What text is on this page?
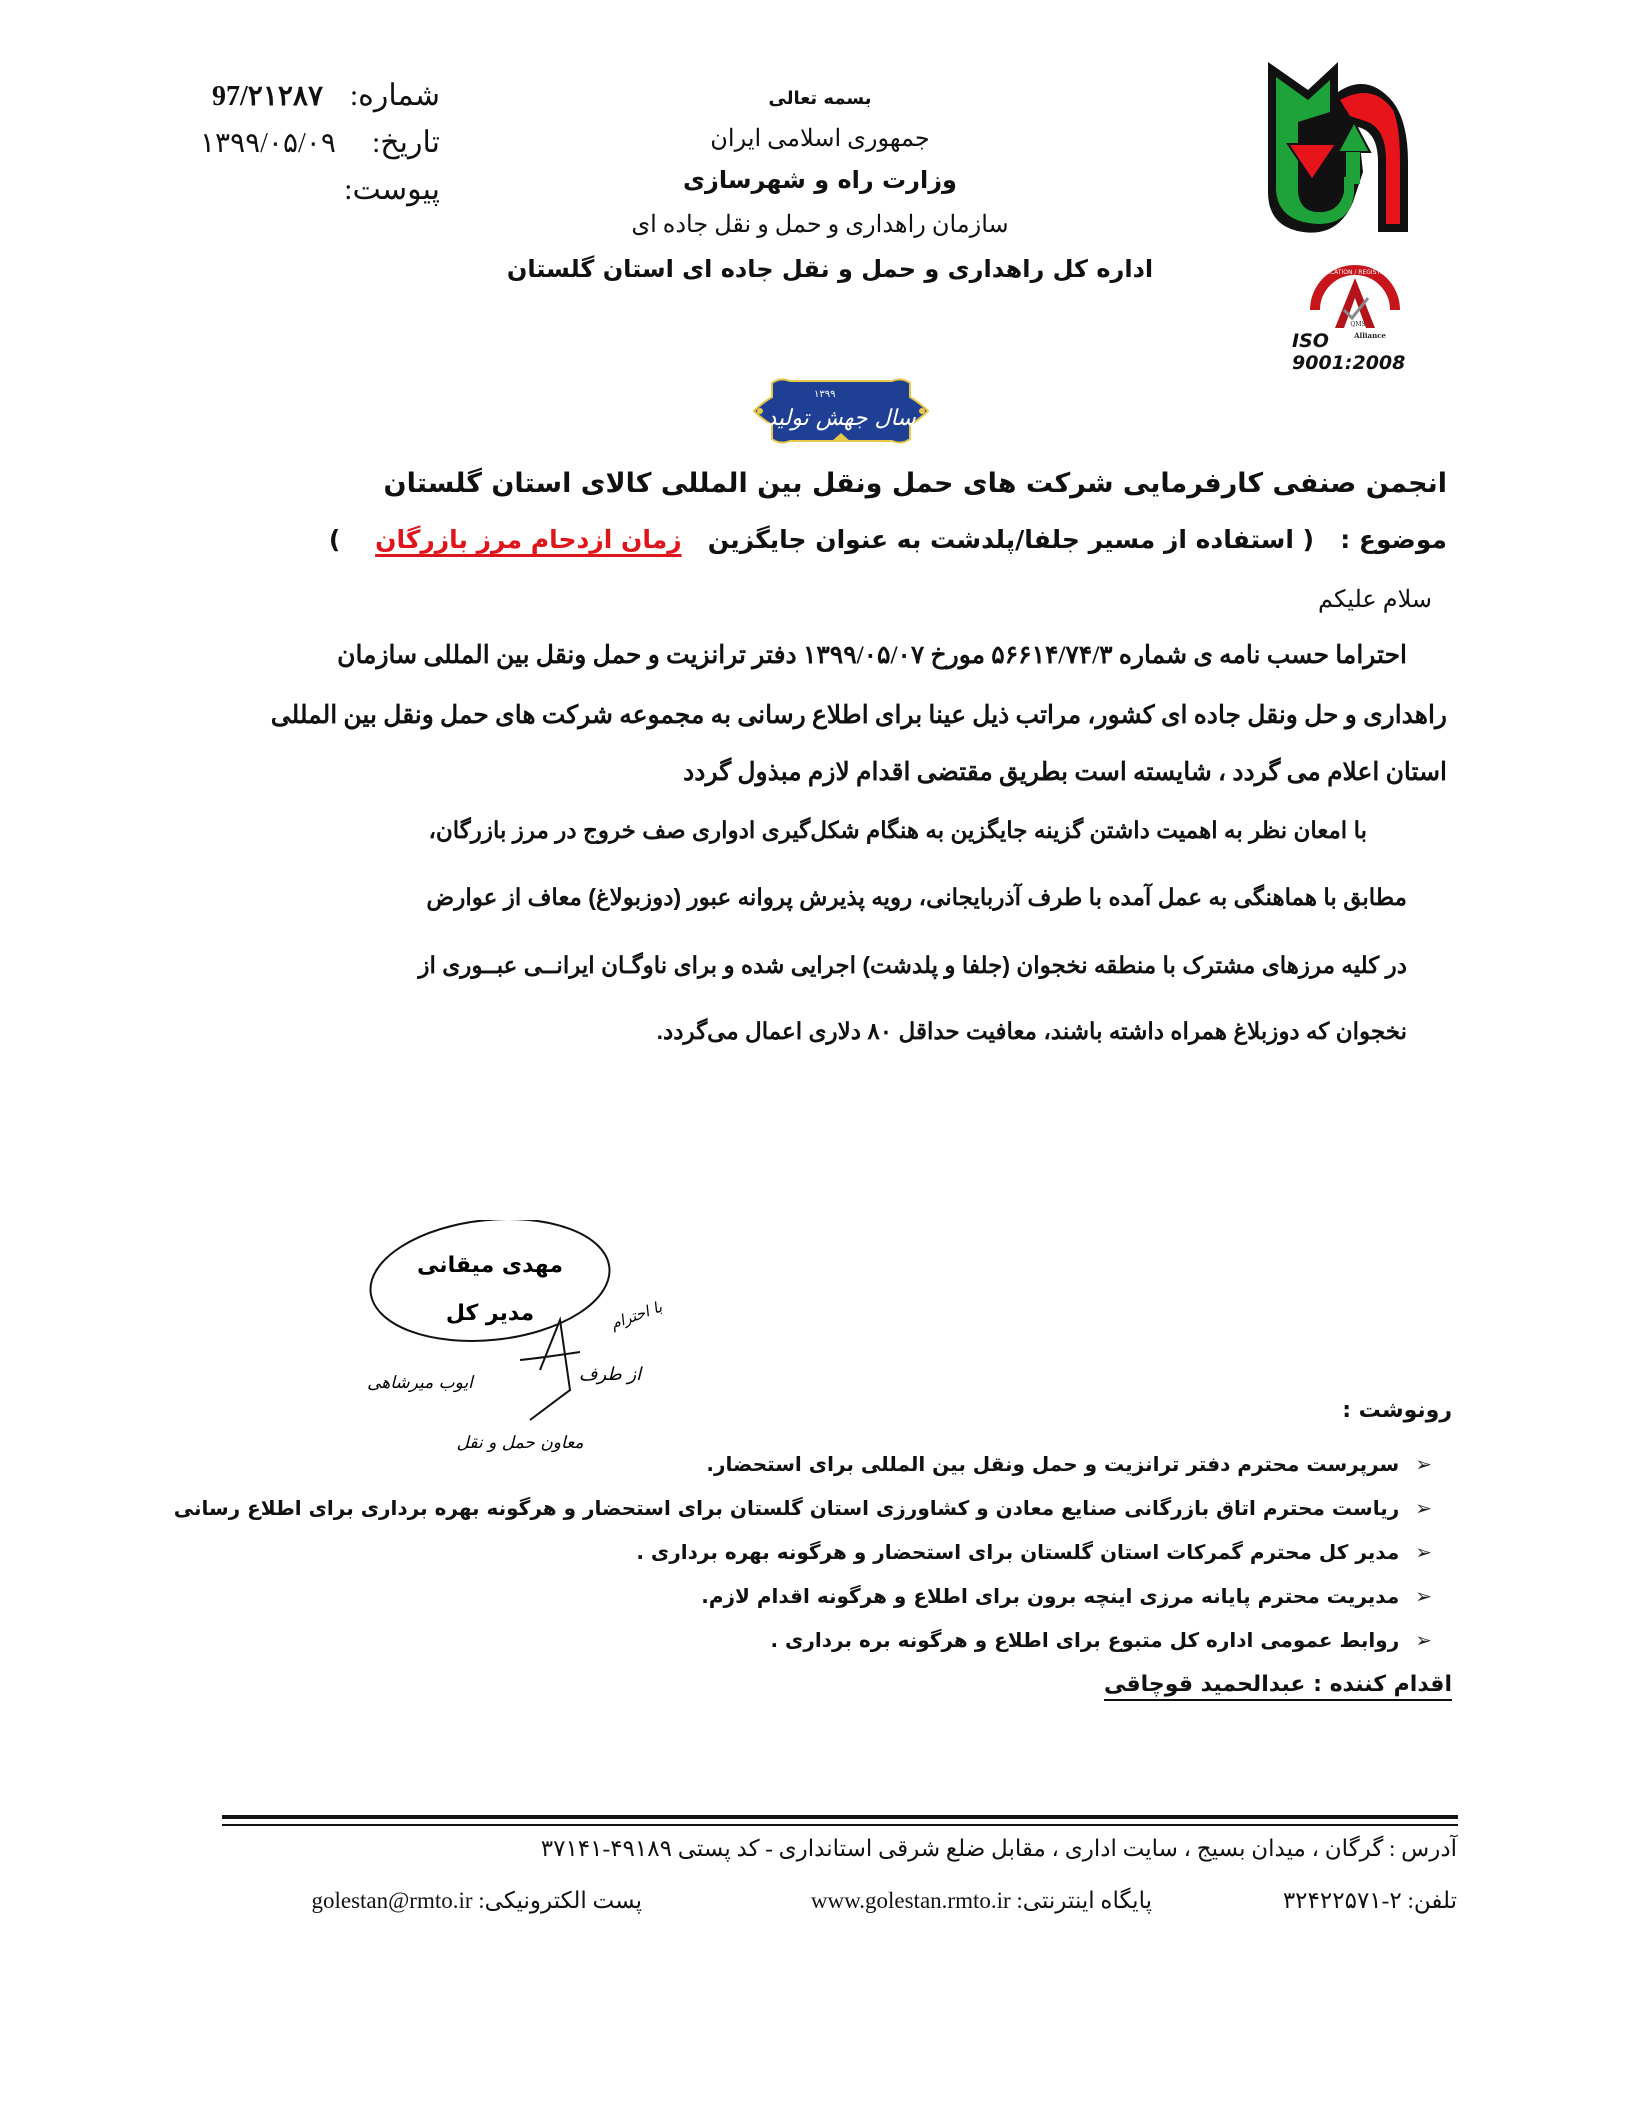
شماره:
97/۲۱۲۸۷
تاریخ:
۱۳۹۹/۰۵/۰۹
پیوست:
بسمه تعالی
جمهوری اسلامی ایران
وزارت راه و شهرسازی
سازمان راهداری و حمل و نقل جاده ای
اداره کل راهداری و حمل و نقل جاده ای استان گلستان	CERTIFICATION / REGISTRATION
QMS
Alliance
ISO 9001:2008
۱۳۹۹
سال جهش تولید
انجمن صنفی کارفرمایی شرکت های حمل ونقل بین المللی کالای استان گلستان
موضوع :   ( استفاده از مسیر جلفا/پلدشت به عنوان جایگزین   زمان ازدحام مرز بازرگان    )
سلام علیکم
احتراما حسب نامه ی شماره ۵۶۶۱۴/۷۴/۳ مورخ ۱۳۹۹/۰۵/۰۷ دفتر ترانزیت و حمل ونقل بین المللی سازمان
راهداری و حل ونقل جاده ای کشور، مراتب ذیل عینا برای اطلاع رسانی به مجموعه شرکت های حمل ونقل بین المللی
استان اعلام می گردد ، شایسته است بطریق مقتضی اقدام لازم مبذول گردد
با امعان نظر به اهمیت داشتن گزینه جایگزین به هنگام شکل‌گیری ادواری صف خروج در مرز بازرگان،
مطابق با هماهنگی به عمل آمده با طرف آذربایجانی، رویه پذیرش پروانه عبور (دوزبولاغ) معاف از عوارض
در کلیه مرزهای مشترک با منطقه نخجوان (جلفا و پلدشت) اجرایی شده و برای ناوگـان ایرانــی عبــوری از
نخجوان که دوزبلاغ همراه داشته باشند، معافیت حداقل ۸۰ دلاری اعمال می‌گردد.
مهدی میقانی
مدیر کل	با احترام
از طرف
ایوب میرشاهی
معاون حمل و نقل
رونوشت :
➢
سرپرست محترم دفتر ترانزیت و حمل ونقل بین المللی برای استحضار.
➢
ریاست محترم اتاق بازرگانی صنایع معادن و کشاورزی استان گلستان برای استحضار و هرگونه بهره برداری برای اطلاع رسانی
➢
مدیر کل محترم گمرکات استان گلستان برای استحضار و هرگونه بهره برداری .
➢
مدیریت محترم پایانه مرزی اینچه برون برای اطلاع و هرگونه اقدام لازم.
➢
روابط عمومی اداره کل متبوع برای اطلاع و هرگونه بره برداری .
اقدام کننده : عبدالحمید قوچاقی
آدرس : گرگان ، میدان بسیج ، سایت اداری ، مقابل ضلع شرقی استانداری - کد پستی ۴۹۱۸۹-۳۷۱۴۱
تلفن: ۲-۳۲۴۲۲۵۷۱
پایگاه اینترنتی: www.golestan.rmto.ir
پست الکترونیکی: golestan@rmto.ir
